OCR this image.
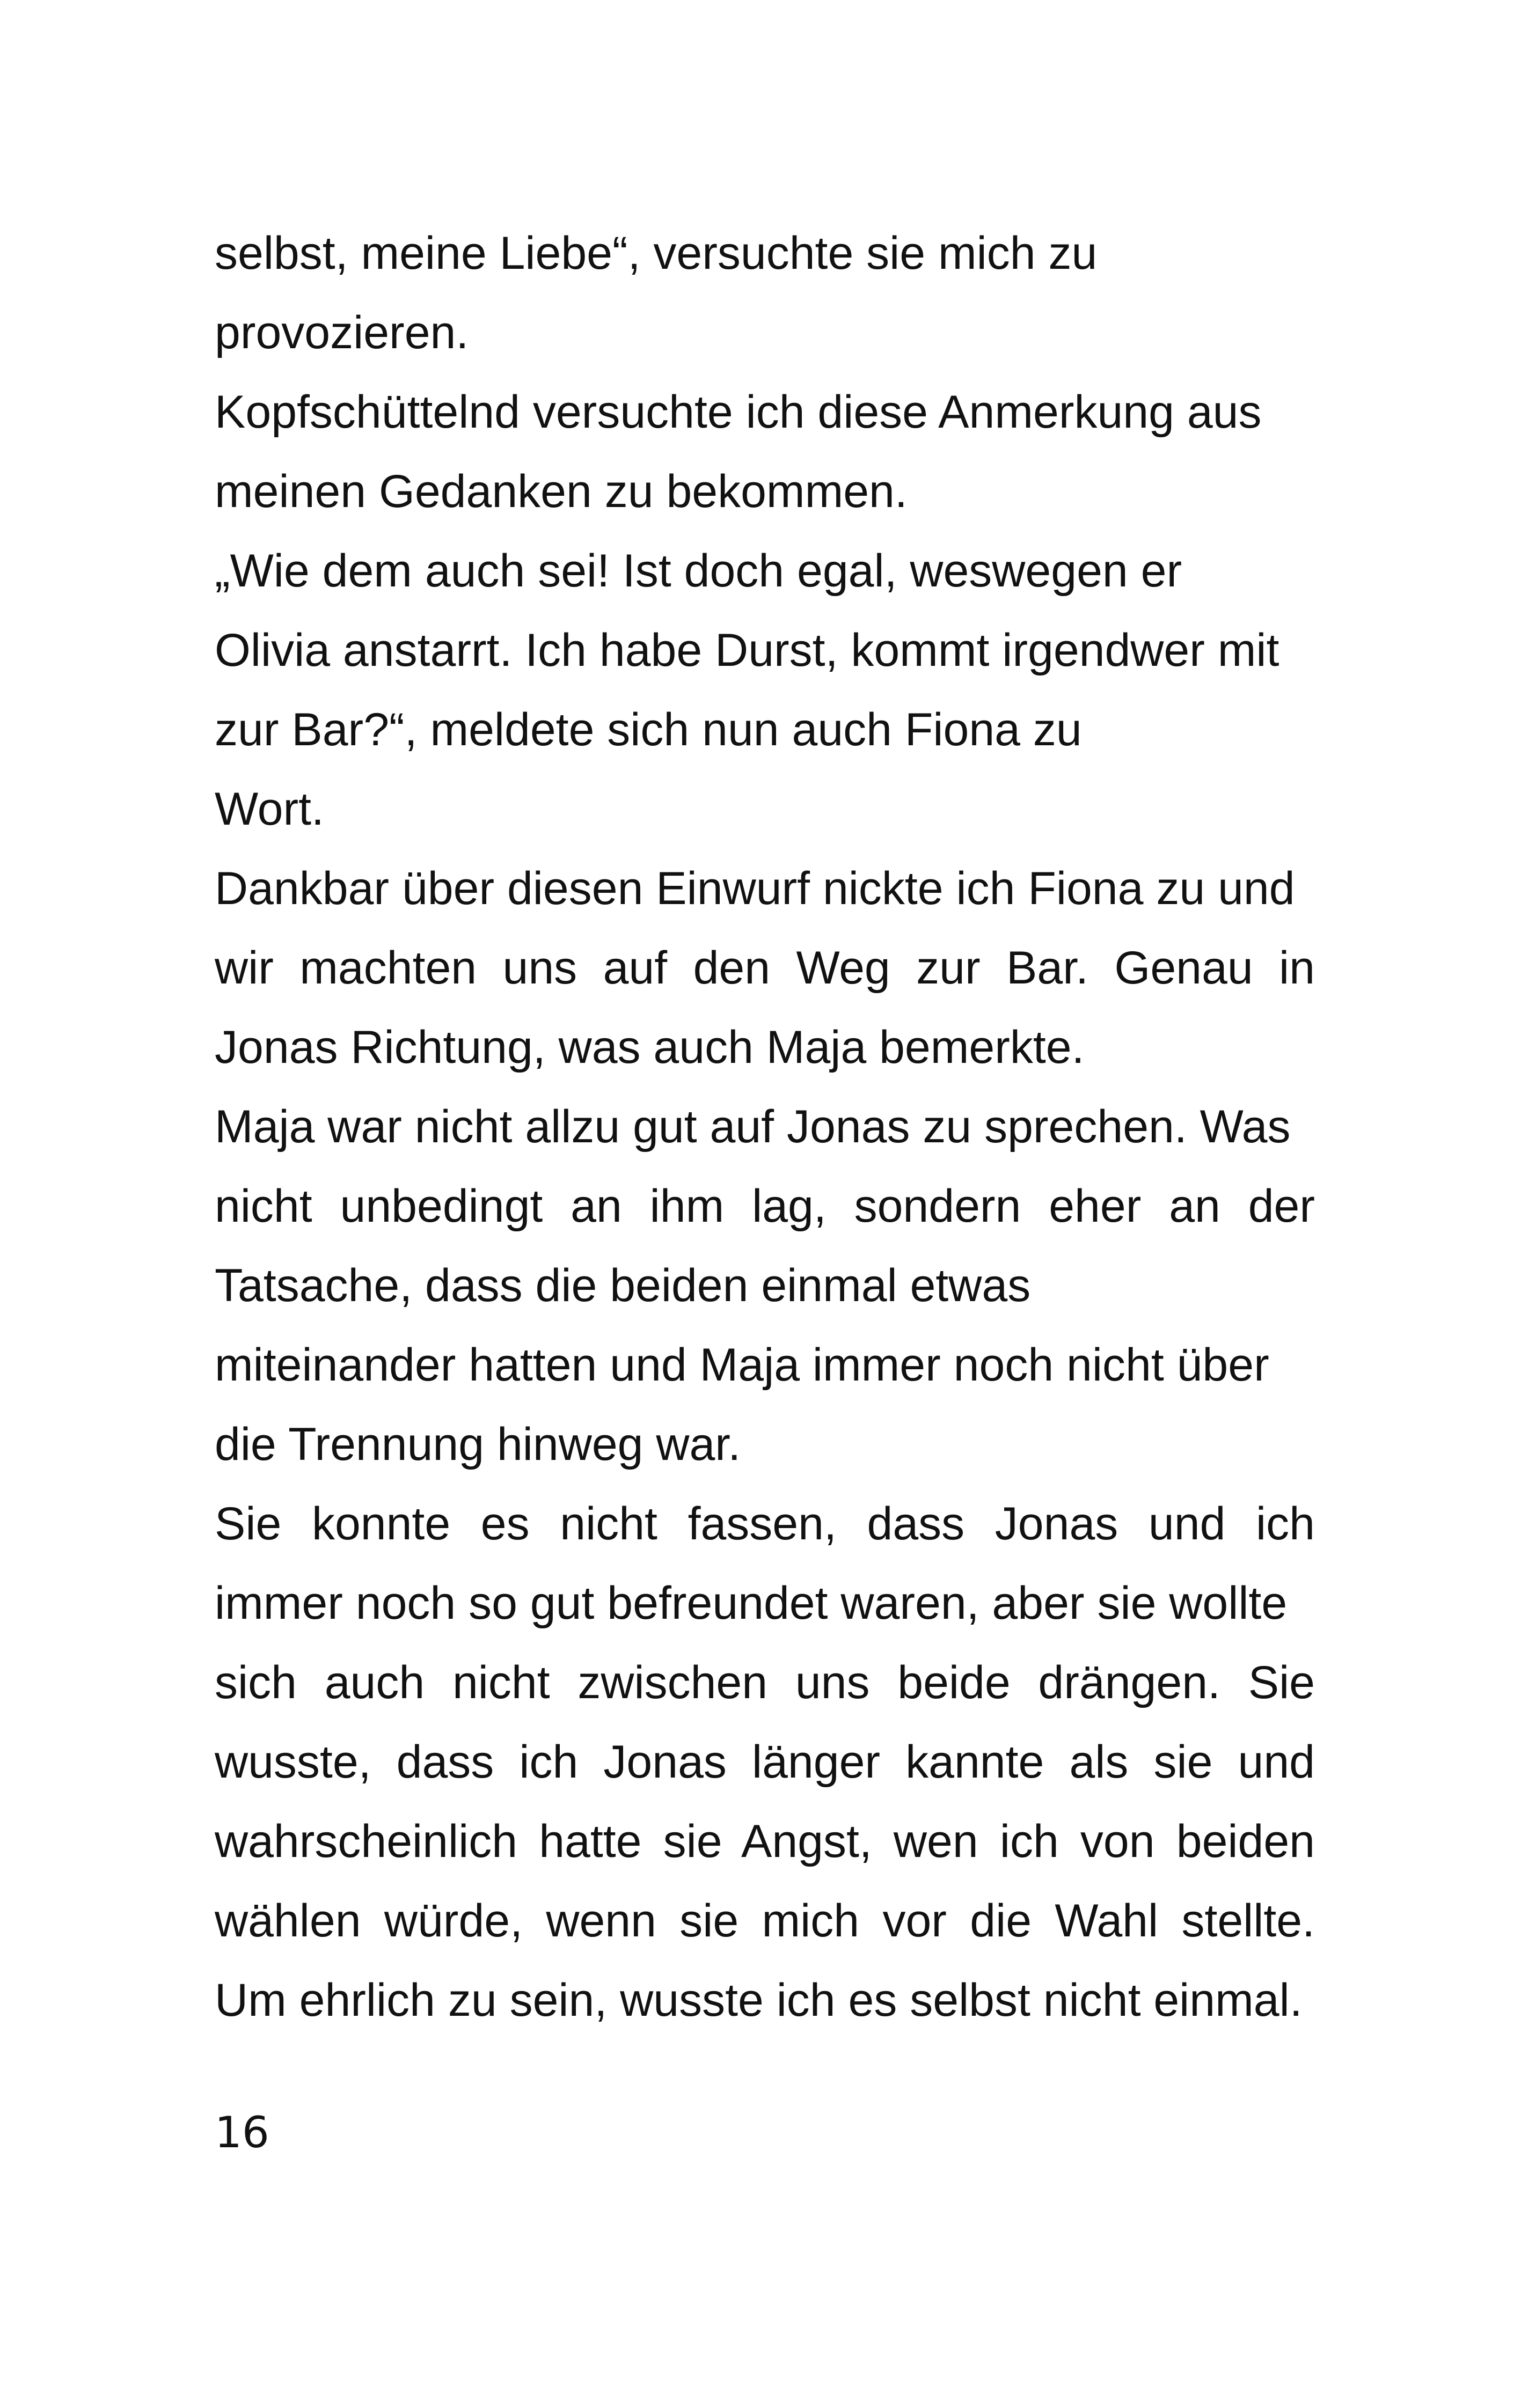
selbst, meine Liebe“, versuchte sie mich zu
provozieren.
Kopfschüttelnd versuchte ich diese Anmerkung aus
meinen Gedanken zu bekommen.
„Wie dem auch sei! Ist doch egal, weswegen er
Olivia anstarrt. Ich habe Durst, kommt irgendwer mit
zur Bar?“, meldete sich nun auch Fiona zu
Wort.
Dankbar über diesen Einwurf nickte ich Fiona zu und
wir machten uns auf den Weg zur Bar. Genau in
Jonas Richtung, was auch Maja bemerkte.
Maja war nicht allzu gut auf Jonas zu sprechen. Was
nicht unbedingt an ihm lag, sondern eher an der
Tatsache, dass die beiden einmal etwas
miteinander hatten und Maja immer noch nicht über
die Trennung hinweg war.
Sie konnte es nicht fassen, dass Jonas und ich
immer noch so gut befreundet waren, aber sie wollte
sich auch nicht zwischen uns beide drängen. Sie
wusste, dass ich Jonas länger kannte als sie und
wahrscheinlich hatte sie Angst, wen ich von beiden
wählen würde, wenn sie mich vor die Wahl stellte.
Um ehrlich zu sein, wusste ich es selbst nicht einmal.
16
